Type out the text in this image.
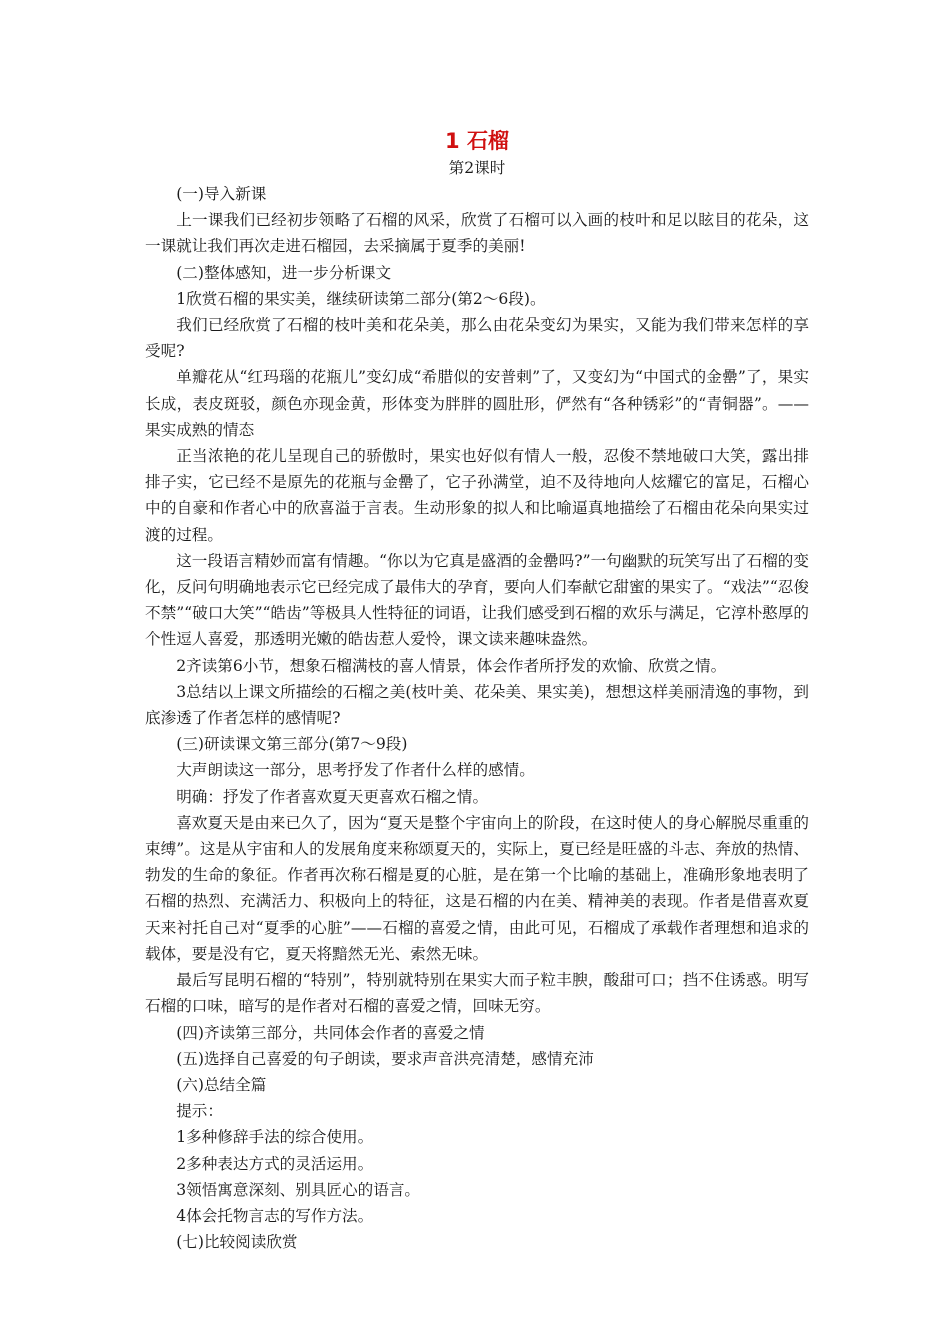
1 石榴
第2课时

(一)导入新课

上一课我们已经初步领略了石榴的风采，欣赏了石榴可以入画的枝叶和足以眩目的花朵，这一课就让我们再次走进石榴园，去采摘属于夏季的美丽!

(二)整体感知，进一步分析课文

1欣赏石榴的果实美，继续研读第二部分(第2～6段)。

我们已经欣赏了石榴的枝叶美和花朵美，那么由花朵变幻为果实，又能为我们带来怎样的享受呢?

单瓣花从“红玛瑙的花瓶儿”变幻成“希腊似的安普剌”了，又变幻为“中国式的金罍”了，果实长成，表皮斑驳，颜色亦现金黄，形体变为胖胖的圆肚形，俨然有“各种锈彩”的“青铜器”。——果实成熟的情态

正当浓艳的花儿呈现自己的骄傲时，果实也好似有情人一般，忍俊不禁地破口大笑，露出排排子实，它已经不是原先的花瓶与金罍了，它子孙满堂，迫不及待地向人炫耀它的富足，石榴心中的自豪和作者心中的欣喜溢于言表。生动形象的拟人和比喻逼真地描绘了石榴由花朵向果实过渡的过程。

这一段语言精妙而富有情趣。“你以为它真是盛酒的金罍吗?”一句幽默的玩笑写出了石榴的变化，反问句明确地表示它已经完成了最伟大的孕育，要向人们奉献它甜蜜的果实了。“戏法”“忍俊不禁”“破口大笑”“皓齿”等极具人性特征的词语，让我们感受到石榴的欢乐与满足，它淳朴憨厚的个性逗人喜爱，那透明光嫩的皓齿惹人爱怜，课文读来趣味盎然。

2齐读第6小节，想象石榴满枝的喜人情景，体会作者所抒发的欢愉、欣赏之情。

3总结以上课文所描绘的石榴之美(枝叶美、花朵美、果实美)，想想这样美丽清逸的事物，到底渗透了作者怎样的感情呢?

(三)研读课文第三部分(第7～9段)

大声朗读这一部分，思考抒发了作者什么样的感情。

明确：抒发了作者喜欢夏天更喜欢石榴之情。

喜欢夏天是由来已久了，因为“夏天是整个宇宙向上的阶段，在这时使人的身心解脱尽重重的束缚”。这是从宇宙和人的发展角度来称颂夏天的，实际上，夏已经是旺盛的斗志、奔放的热情、勃发的生命的象征。作者再次称石榴是夏的心脏，是在第一个比喻的基础上，准确形象地表明了石榴的热烈、充满活力、积极向上的特征，这是石榴的内在美、精神美的表现。作者是借喜欢夏天来衬托自己对“夏季的心脏”——石榴的喜爱之情，由此可见，石榴成了承载作者理想和追求的载体，要是没有它，夏天将黯然无光、索然无味。

最后写昆明石榴的“特别”，特别就特别在果实大而子粒丰腴，酸甜可口；挡不住诱惑。明写石榴的口味，暗写的是作者对石榴的喜爱之情，回味无穷。

(四)齐读第三部分，共同体会作者的喜爱之情

(五)选择自己喜爱的句子朗读，要求声音洪亮清楚，感情充沛

(六)总结全篇

提示：

1多种修辞手法的综合使用。

2多种表达方式的灵活运用。

3领悟寓意深刻、别具匠心的语言。

4体会托物言志的写作方法。

(七)比较阅读欣赏
